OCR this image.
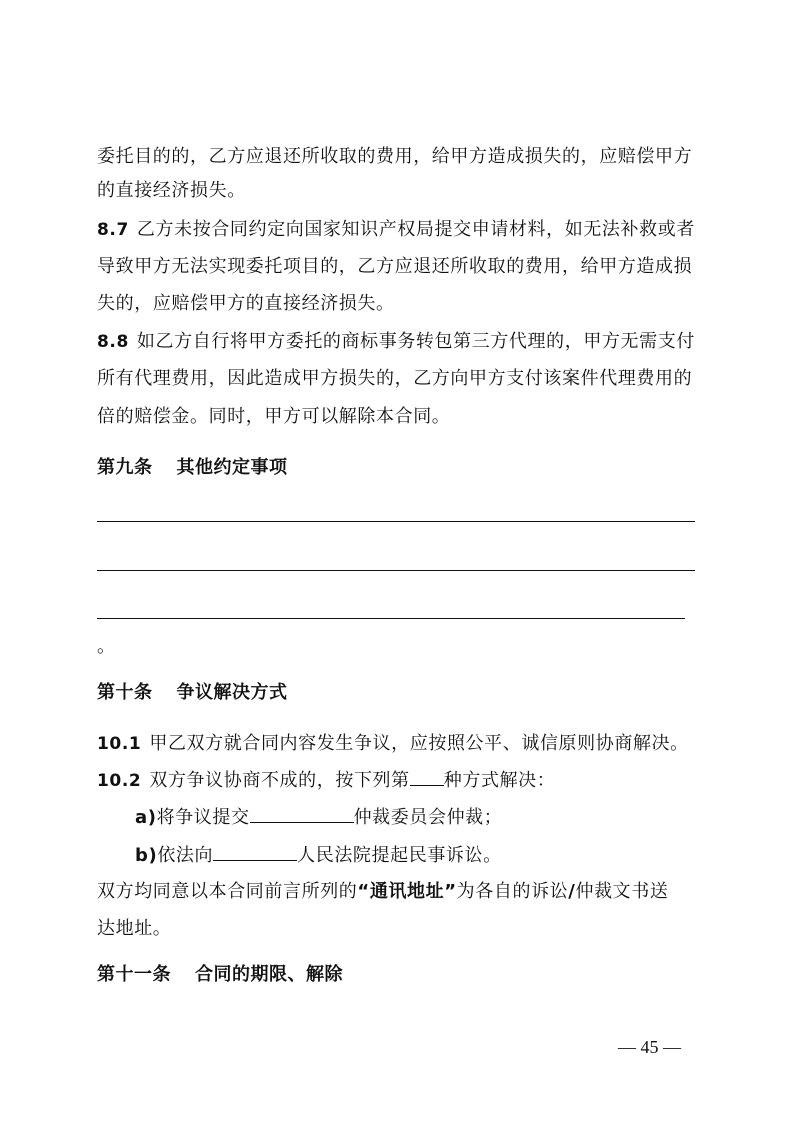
委托目的的，乙方应退还所收取的费用，给甲方造成损失的，应赔偿甲方
的直接经济损失。
8.7 乙方未按合同约定向国家知识产权局提交申请材料，如无法补救或者
导致甲方无法实现委托项目的，乙方应退还所收取的费用，给甲方造成损
失的，应赔偿甲方的直接经济损失。
8.8 如乙方自行将甲方委托的商标事务转包第三方代理的，甲方无需支付
所有代理费用，因此造成甲方损失的，乙方向甲方支付该案件代理费用的
倍的赔偿金。同时，甲方可以解除本合同。
第九条 其他约定事项
。
第十条 争议解决方式
10.1 甲乙双方就合同内容发生争议，应按照公平、诚信原则协商解决。
10.2 双方争议协商不成的，按下列第 种方式解决：
a)将争议提交	仲裁委员会仲裁；
b)依法向	人民法院提起民事诉讼。
双方均同意以本合同前言所列的“通讯地址”为各自的诉讼/仲裁文书送
达地址。
第十一条 合同的期限、解除
— 45 —
